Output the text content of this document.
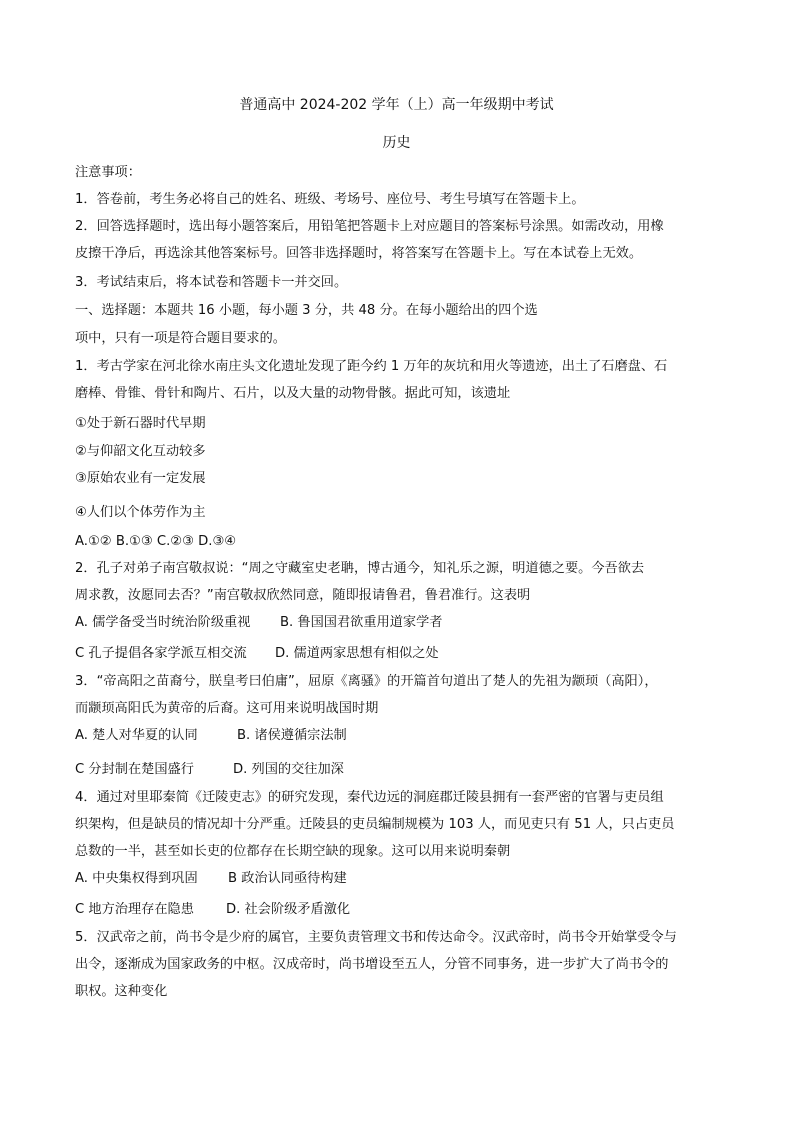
普通高中 2024-202 学年（上）高一年级期中考试
历史
注意事项：
1．答卷前，考生务必将自己的姓名、班级、考场号、座位号、考生号填写在答题卡上。
2．回答选择题时，选出每小题答案后，用铅笔把答题卡上对应题目的答案标号涂黑。如需改动，用橡
皮擦干净后，再选涂其他答案标号。回答非选择题时，将答案写在答题卡上。写在本试卷上无效。
3．考试结束后，将本试卷和答题卡一并交回。
一、选择题：本题共 16 小题，每小题 3 分，共 48 分。在每小题给出的四个选
项中，只有一项是符合题目要求的。
1．考古学家在河北徐水南庄头文化遗址发现了距今约 1 万年的灰坑和用火等遗迹，出土了石磨盘、石
磨棒、骨锥、骨针和陶片、石片，以及大量的动物骨骸。据此可知，该遗址
①处于新石器时代早期
②与仰韶文化互动较多
③原始农业有一定发展
④人们以个体劳作为主
A.①② B.①③ C.②③ D.③④
2．孔子对弟子南宫敬叔说：“周之守藏室史老聃，博古通今，知礼乐之源，明道德之要。今吾欲去
周求教，汝愿同去否？”南宫敬叔欣然同意，随即报请鲁君，鲁君准行。这表明
A. 儒学备受当时统治阶级重视 B. 鲁国国君欲重用道家学者
C 孔子提倡各家学派互相交流 D. 儒道两家思想有相似之处
3．“帝高阳之苗裔兮，朕皇考曰伯庸”，屈原《离骚》的开篇首句道出了楚人的先祖为颛顼（高阳），
而颛顼高阳氏为黄帝的后裔。这可用来说明战国时期
A. 楚人对华夏的认同	B. 诸侯遵循宗法制
C 分封制在楚国盛行	D. 列国的交往加深
4．通过对里耶秦简《迁陵吏志》的研究发现，秦代边远的洞庭郡迁陵县拥有一套严密的官署与吏员组
织架构，但是缺员的情况却十分严重。迁陵县的吏员编制规模为 103 人，而见吏只有 51 人，只占吏员
总数的一半，甚至如长吏的位都存在长期空缺的现象。这可以用来说明秦朝
A. 中央集权得到巩固 B 政治认同亟待构建
C 地方治理存在隐患 D. 社会阶级矛盾激化
5．汉武帝之前，尚书令是少府的属官，主要负责管理文书和传达命令。汉武帝时，尚书令开始掌受令与
出令，逐渐成为国家政务的中枢。汉成帝时，尚书增设至五人，分管不同事务，进一步扩大了尚书令的
职权。这种变化
